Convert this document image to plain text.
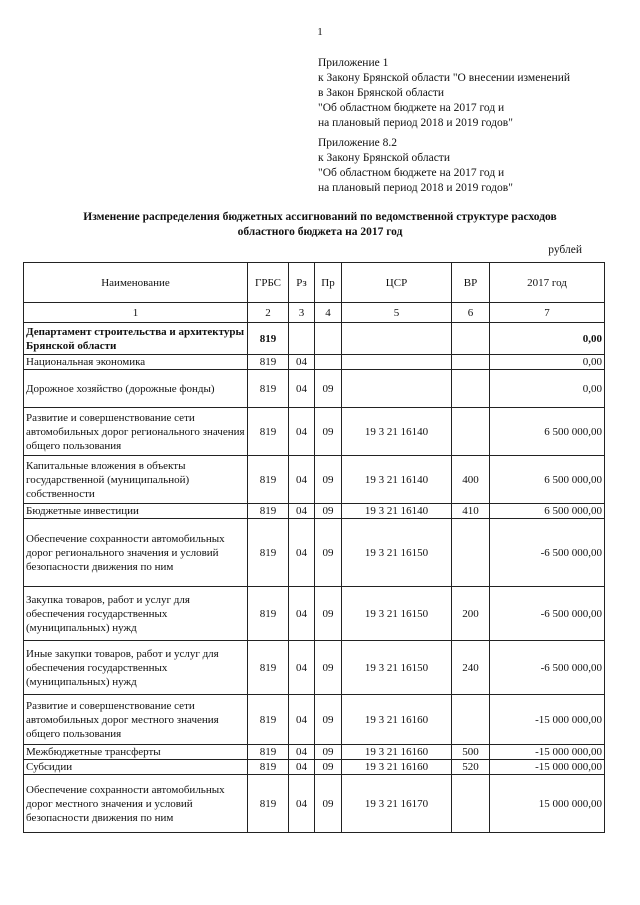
1
Приложение 1
к Закону Брянской области "О внесении изменений
в Закон Брянской области
"Об областном бюджете на 2017 год и
на плановый период 2018 и 2019 годов"
Приложение 8.2
к Закону Брянской области
"Об областном бюджете на 2017 год и
на плановый период 2018 и 2019 годов"
Изменение распределения бюджетных ассигнований по ведомственной структуре расходов
областного бюджета на 2017 год
рублей
Наименование	ГРБС	Рз	Пр	ЦСР	ВР	2017 год
1	2	3	4	5	6	7
Департамент строительства и архитектуры Брянской области	819					0,00
Национальная экономика	819	04				0,00
Дорожное хозяйство (дорожные фонды)	819	04	09			0,00
Развитие и совершенствование сети автомобильных дорог регионального значения общего пользования	819	04	09	19 3 21 16140		6 500 000,00
Капитальные вложения в объекты государственной (муниципальной) собственности	819	04	09	19 3 21 16140	400	6 500 000,00
Бюджетные инвестиции	819	04	09	19 3 21 16140	410	6 500 000,00
Обеспечение сохранности автомобильных дорог регионального значения и условий безопасности движения по ним	819	04	09	19 3 21 16150		-6 500 000,00
Закупка товаров, работ и услуг для обеспечения государственных (муниципальных) нужд	819	04	09	19 3 21 16150	200	-6 500 000,00
Иные закупки товаров, работ и услуг для обеспечения государственных (муниципальных) нужд	819	04	09	19 3 21 16150	240	-6 500 000,00
Развитие и совершенствование сети автомобильных дорог местного значения общего пользования	819	04	09	19 3 21 16160		-15 000 000,00
Межбюджетные трансферты	819	04	09	19 3 21 16160	500	-15 000 000,00
Субсидии	819	04	09	19 3 21 16160	520	-15 000 000,00
Обеспечение сохранности автомобильных дорог местного значения и условий безопасности движения по ним	819	04	09	19 3 21 16170		15 000 000,00
